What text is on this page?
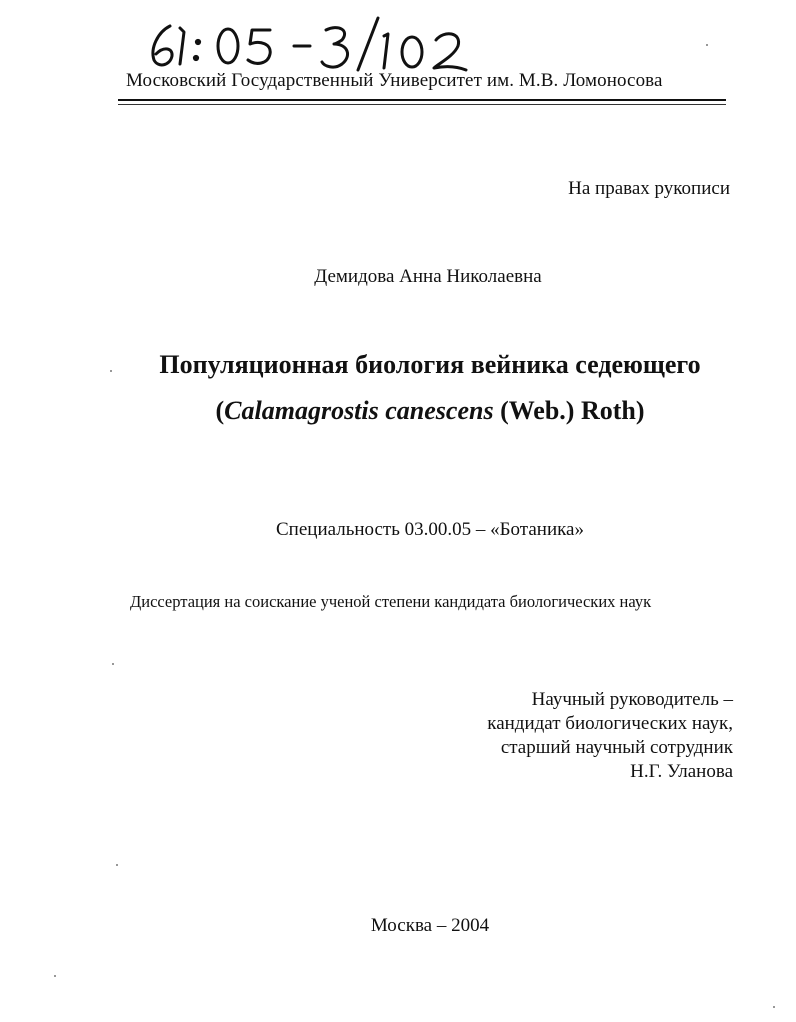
Московский Государственный Университет им. М.В. Ломоносова
На правах рукописи
Демидова Анна Николаевна
Популяционная биология вейника седеющего
(Calamagrostis canescens (Web.) Roth)
Специальность 03.00.05 – «Ботаника»
Диссертация на соискание ученой степени кандидата биологических наук
Научный руководитель –
кандидат биологических наук,
старший научный сотрудник
Н.Г. Уланова
Москва – 2004
